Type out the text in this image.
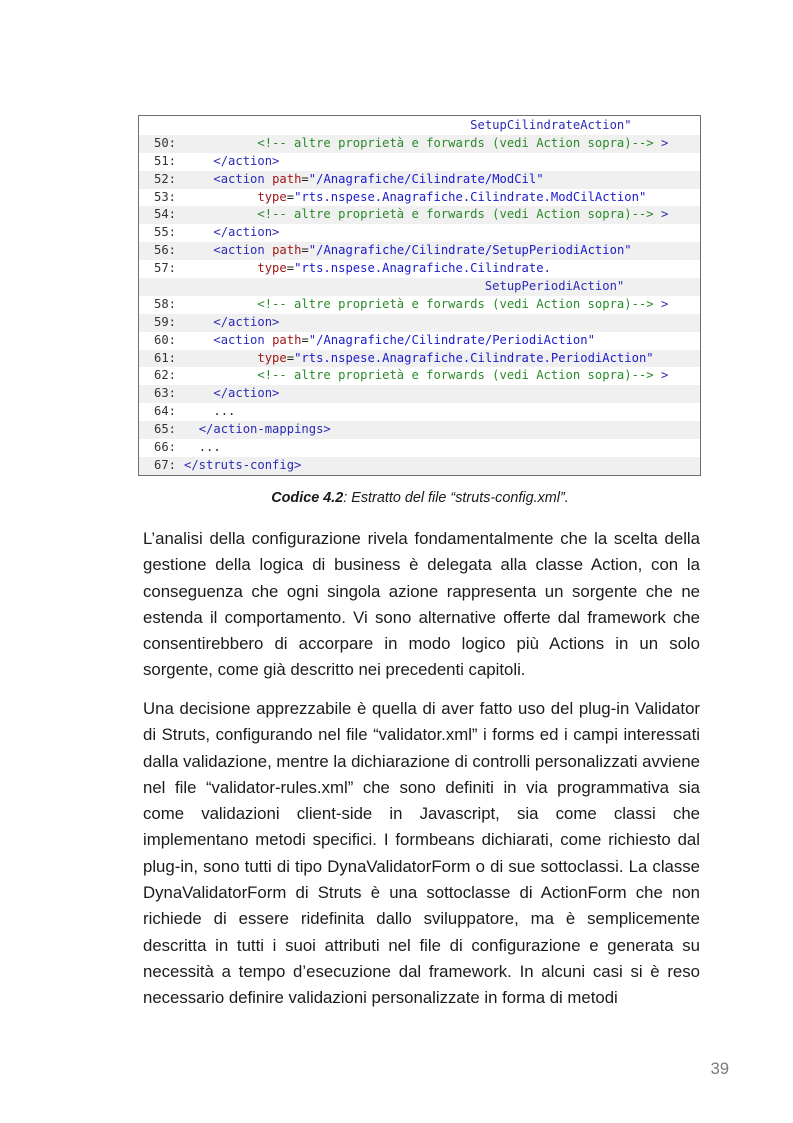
SetupCilindrateAction"
50:	<!-- altre proprietà e forwards (vedi Action sopra)--> >
51:	</action>
52:	<action path="/Anagrafiche/Cilindrate/ModCil"
53:	type="rts.nspese.Anagrafiche.Cilindrate.ModCilAction"
54:	<!-- altre proprietà e forwards (vedi Action sopra)--> >
55:	</action>
56:	<action path="/Anagrafiche/Cilindrate/SetupPeriodiAction"
57:	type="rts.nspese.Anagrafiche.Cilindrate.
SetupPeriodiAction"
58:	<!-- altre proprietà e forwards (vedi Action sopra)--> >
59:	</action>
60:	<action path="/Anagrafiche/Cilindrate/PeriodiAction"
61:	type="rts.nspese.Anagrafiche.Cilindrate.PeriodiAction"
62:	<!-- altre proprietà e forwards (vedi Action sopra)--> >
63:	</action>
64:	...
65:	</action-mappings>
66:	...
67: </struts-config>
Codice 4.2: Estratto del file “struts-config.xml”.
L’analisi della configurazione rivela fondamentalmente che la scelta della gestione della logica di business è delegata alla classe Action, con la conseguenza che ogni singola azione rappresenta un sorgente che ne estenda il comportamento. Vi sono alternative offerte dal framework che consentirebbero di accorpare in modo logico più Actions in un solo sorgente, come già descritto nei precedenti capitoli.
Una decisione apprezzabile è quella di aver fatto uso del plug-in Validator di Struts, configurando nel file “validator.xml” i forms ed i campi interessati dalla validazione, mentre la dichiarazione di controlli personalizzati avviene nel file “validator-rules.xml” che sono definiti in via programmativa sia come validazioni client-side in Javascript, sia come classi che implementano metodi specifici. I formbeans dichiarati, come richiesto dal plug-in, sono tutti di tipo DynaValidatorForm o di sue sottoclassi. La classe DynaValidatorForm di Struts è una sottoclasse di ActionForm che non richiede di essere ridefinita dallo sviluppatore, ma è semplicemente descritta in tutti i suoi attributi nel file di configurazione e generata su necessità a tempo d’esecuzione dal framework. In alcuni casi si è reso necessario definire validazioni personalizzate in forma di metodi
39
